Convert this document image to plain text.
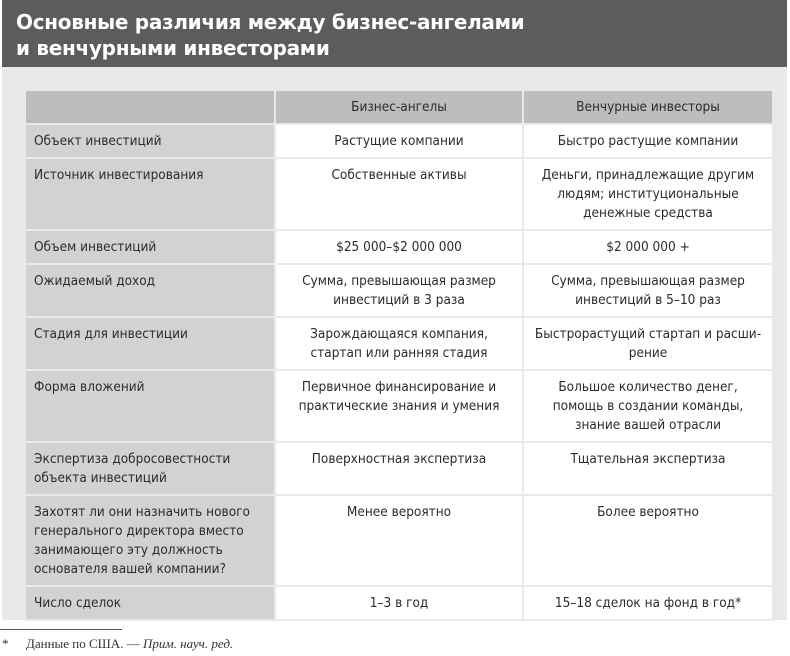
Основные различия между бизнес-ангелами
и венчурными инвесторами
	Бизнес-ангелы	Венчурные инвесторы
Объект инвестиций	Растущие компании	Быстро растущие компании
Источник инвестирования	Собственные активы	Деньги, принадлежащие другим людям; институциональные денежные средства
Объем инвестиций	$25 000–$2 000 000	$2 000 000 +
Ожидаемый доход	Сумма, превышающая размер инвестиций в 3 раза	Сумма, превышающая размер инвестиций в 5–10 раз
Стадия для инвестиции	Зарождающаяся компания, стартап или ранняя стадия	Быстрорастущий стартап и расши-рение
Форма вложений	Первичное финансирование и практические знания и умения	Большое количество денег, помощь в создании команды, знание вашей отрасли
Экспертиза добросовестности объекта инвестиций	Поверхностная экспертиза	Тщательная экспертиза
Захотят ли они назначить нового генерального директора вместо занимающего эту должность основателя вашей компании?	Менее вероятно	Более вероятно
Число сделок	1–3 в год	15–18 сделок на фонд в год*
* Данные по США. — Прим. науч. ред.
